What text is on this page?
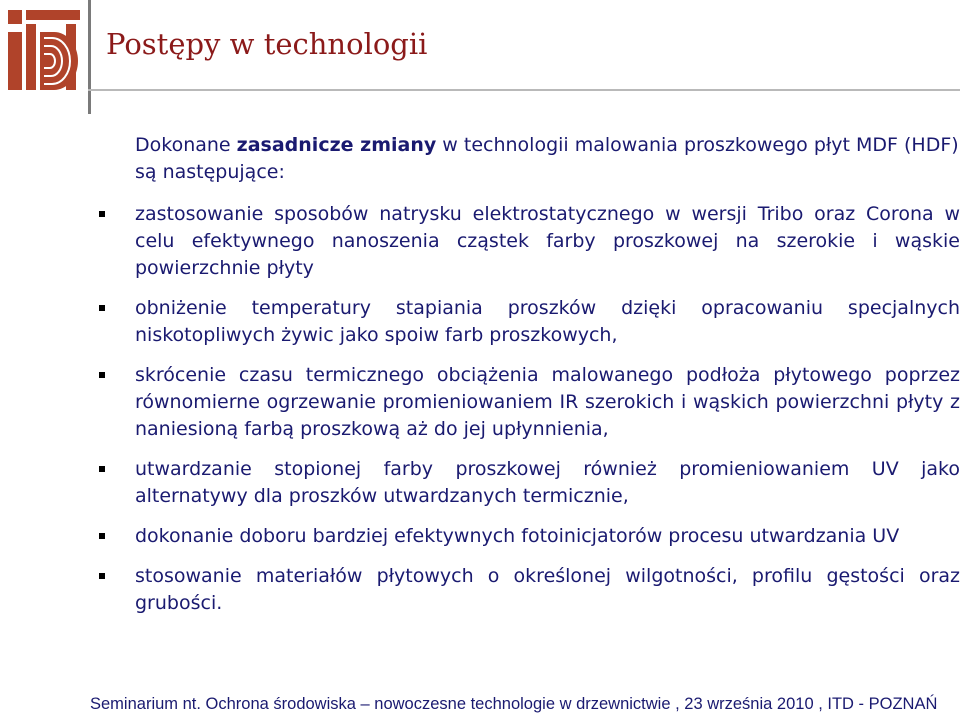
Postępy w technologii

Dokonane zasadnicze zmiany w technologii malowania proszkowego płyt MDF (HDF) są następujące:

zastosowanie sposobów natrysku elektrostatycznego w wersji Tribo oraz Corona w celu efektywnego nanoszenia cząstek farby proszkowej na szerokie i wąskie powierzchnie płyty
obniżenie temperatury stapiania proszków dzięki opracowaniu specjalnych niskotopliwych żywic jako spoiw farb proszkowych,
skrócenie czasu termicznego obciążenia malowanego podłoża płytowego poprzez równomierne ogrzewanie promieniowaniem IR szerokich i wąskich powierzchni płyty z naniesioną farbą proszkową aż do jej upłynnienia,
utwardzanie stopionej farby proszkowej również promieniowaniem UV jako alternatywy dla proszków utwardzanych termicznie,
dokonanie doboru bardziej efektywnych fotoinicjatorów procesu utwardzania UV
stosowanie materiałów płytowych o określonej wilgotności, profilu gęstości oraz grubości.
Seminarium nt. Ochrona środowiska – nowoczesne technologie w drzewnictwie , 23 września 2010 , ITD - POZNAŃ
